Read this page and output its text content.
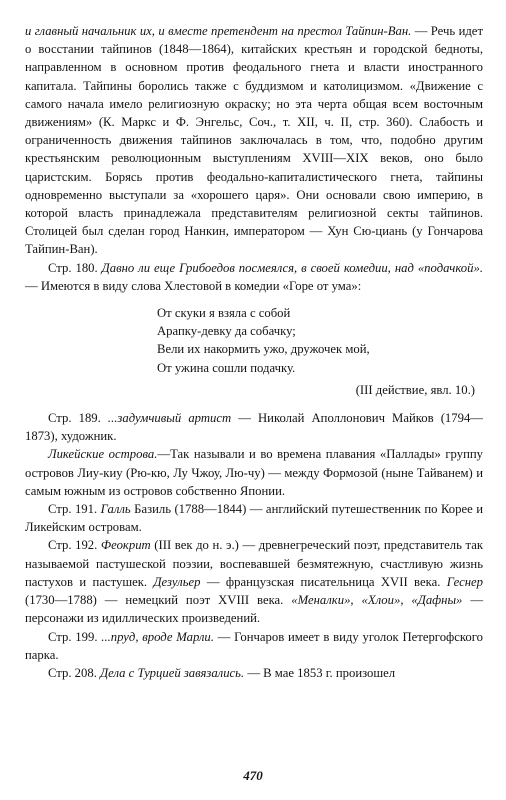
и главный начальник их, и вместе претендент на престол Тайпин-Ван. — Речь идет о восстании тайпинов (1848—1864), китайских крестьян и городской бедноты, направленном в основном против феодального гнета и власти иностранного капитала. Тайпины боролись также с буддизмом и католицизмом. «Движение с самого начала имело религиозную окраску; но эта черта общая всем восточным движениям» (К. Маркс и Ф. Энгельс, Соч., т. XII, ч. II, стр. 360). Слабость и ограниченность движения тайпинов заключалась в том, что, подобно другим крестьянским революционным выступлениям XVIII—XIX веков, оно было царистским. Борясь против феодально-капиталистического гнета, тайпины одновременно выступали за «хорошего царя». Они основали свою империю, в которой власть принадлежала представителям религиозной секты тайпинов. Столицей был сделан город Нанкин, императором — Хун Сю-циань (у Гончарова Тайпин-Ван).

Стр. 180. Давно ли еще Грибоедов посмеялся, в своей комедии, над «подачкой». — Имеются в виду слова Хлестовой в комедии «Горе от ума»:

От скуки я взяла с собой
Арапку-девку да собачку;
Вели их накормить ужо, дружочек мой,
От ужина сошли подачку.
(III действие, явл. 10.)

Стр. 189. ...задумчивый артист — Николай Аполлонович Майков (1794—1873), художник.

Ликейские острова.—Так называли и во времена плавания «Паллады» группу островов Лиу-киу (Рю-кю, Лу Чжоу, Лю-чу) — между Формозой (ныне Тайванем) и самым южным из островов собственно Японии.

Стр. 191. Галль Базиль (1788—1844) — английский путешественник по Корее и Ликейским островам.

Стр. 192. Феокрит (III век до н. э.) — древнегреческий поэт, представитель так называемой пастушеской поэзии, воспевавшей безмятежную, счастливую жизнь пастухов и пастушек. Дезульер — французская писательница XVII века. Геснер (1730—1788) — немецкий поэт XVIII века. «Меналки», «Хлои», «Дафны» — персонажи из идиллических произведений.

Стр. 199. ...пруд, вроде Марли. — Гончаров имеет в виду уголок Петергофского парка.

Стр. 208. Дела с Турцией завязались. — В мае 1853 г. произошел

470
